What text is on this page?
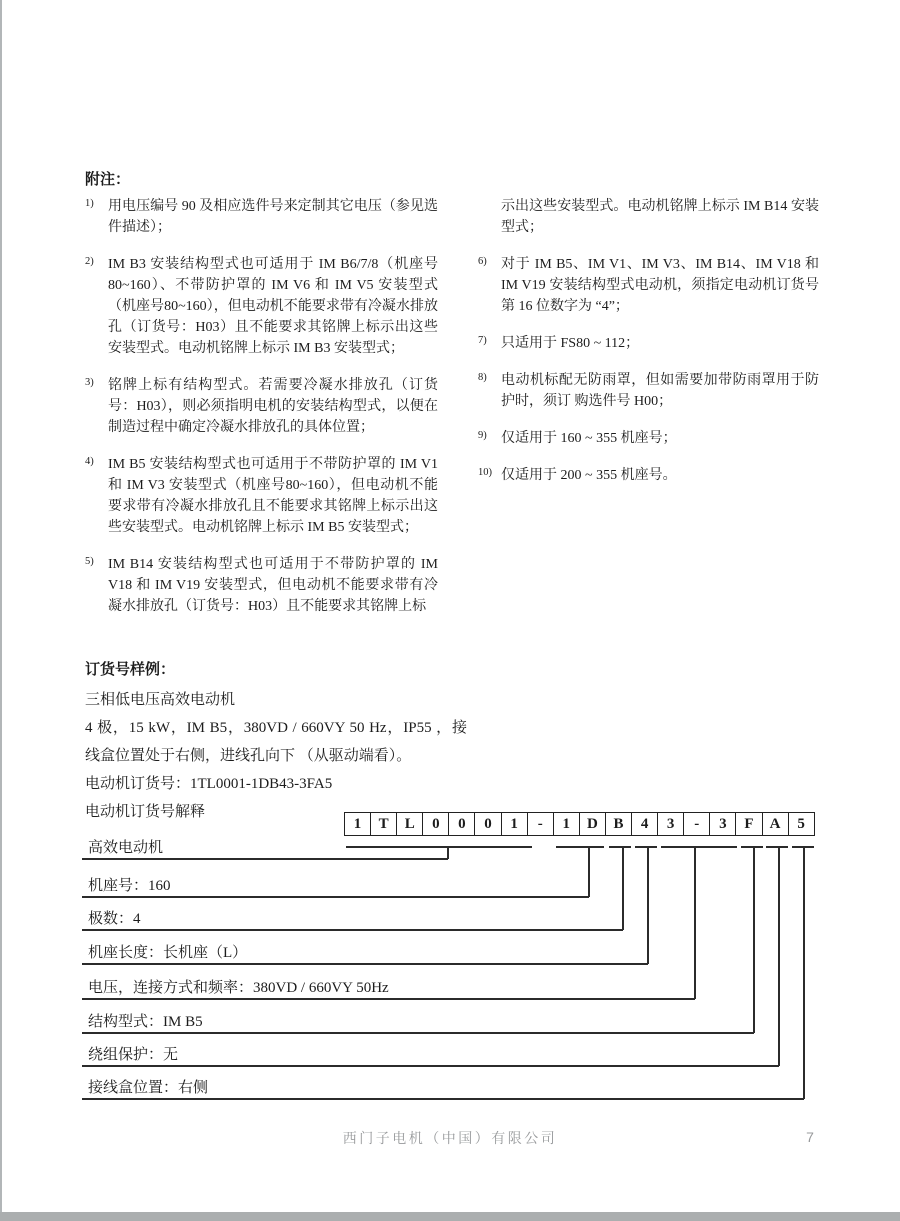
附注：
1)	用电压编号 90 及相应选件号来定制其它电压（参见选件描述）；
2)	IM B3 安装结构型式也可适用于 IM B6/7/8（机座号 80~160）、不带防护罩的 IM V6 和 IM V5 安装型式（机座号80~160），但电动机不能要求带有冷凝水排放孔（订货号：H03）且不能要求其铭牌上标示出这些安装型式。电动机铭牌上标示 IM B3 安装型式；
3)	铭牌上标有结构型式。若需要冷凝水排放孔（订货号：H03），则必须指明电机的安装结构型式，以便在制造过程中确定冷凝水排放孔的具体位置；
4)	IM B5 安装结构型式也可适用于不带防护罩的 IM V1 和 IM V3 安装型式（机座号80~160），但电动机不能要求带有冷凝水排放孔且不能要求其铭牌上标示出这些安装型式。电动机铭牌上标示 IM B5 安装型式；
5)	IM B14 安装结构型式也可适用于不带防护罩的 IM V18 和 IM V19 安装型式，但电动机不能要求带有冷凝水排放孔（订货号：H03）且不能要求其铭牌上标
示出这些安装型式。电动机铭牌上标示 IM B14 安装型式；
6)	对于 IM B5、IM V1、IM V3、IM B14、IM V18 和 IM V19 安装结构型式电动机，须指定电动机订货号第 16 位数字为 “4”；
7)	只适用于 FS80 ~ 112；
8)	电动机标配无防雨罩，但如需要加带防雨罩用于防护时，须订 购选件号 H00；
9)	仅适用于 160 ~ 355 机座号；
10) 仅适用于 200 ~ 355 机座号。
订货号样例：

三相低电压高效电动机

4 极，15 kW，IM B5，380VD / 660VY 50 Hz，IP55 ，接线盒位置处于右侧，进线孔向下 （从驱动端看）。

电动机订货号：1TL0001-1DB43-3FA5

电动机订货号解释

1	T	L	0	0	0	1	-	1	D	B	4	3	-	3	F	A	5
高效电动机
机座号：160
极数：4
机座长度：长机座（L）
电压，连接方式和频率：380VD / 660VY 50Hz
结构型式：IM B5
绕组保护：无
接线盒位置：右侧
西门子电机（中国）有限公司	7
